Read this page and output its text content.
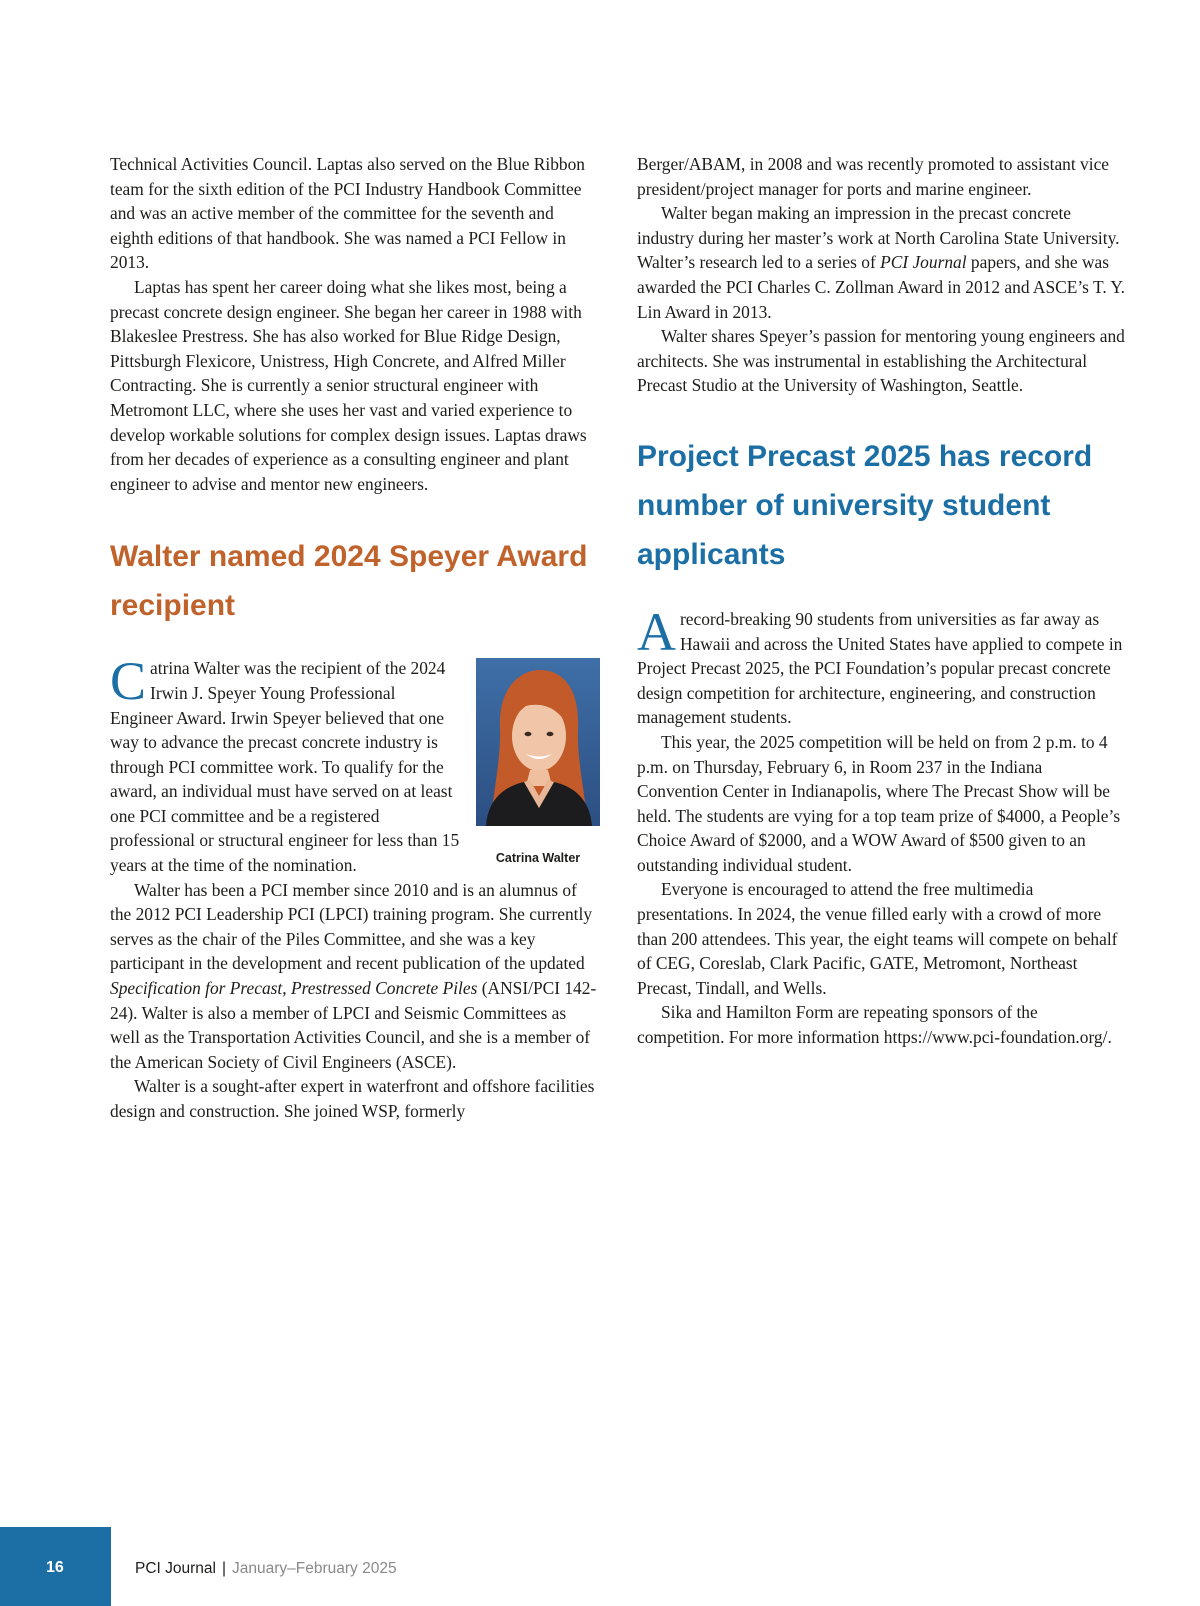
Technical Activities Council. Laptas also served on the Blue Ribbon team for the sixth edition of the PCI Industry Handbook Committee and was an active member of the committee for the seventh and eighth editions of that handbook. She was named a PCI Fellow in 2013.

Laptas has spent her career doing what she likes most, being a precast concrete design engineer. She began her career in 1988 with Blakeslee Prestress. She has also worked for Blue Ridge Design, Pittsburgh Flexicore, Unistress, High Concrete, and Alfred Miller Contracting. She is currently a senior structural engineer with Metromont LLC, where she uses her vast and varied experience to develop workable solutions for complex design issues. Laptas draws from her decades of experience as a consulting engineer and plant engineer to advise and mentor new engineers.

Walter named 2024 Speyer Award recipient
Catrina Walter

Catrina Walter was the recipient of the 2024 Irwin J. Speyer Young Professional Engineer Award. Irwin Speyer believed that one way to advance the precast concrete industry is through PCI committee work. To qualify for the award, an individual must have served on at least one PCI committee and be a registered professional or structural engineer for less than 15 years at the time of the nomination.

Walter has been a PCI member since 2010 and is an alumnus of the 2012 PCI Leadership PCI (LPCI) training program. She currently serves as the chair of the Piles Committee, and she was a key participant in the development and recent publication of the updated Specification for Precast, Prestressed Concrete Piles (ANSI/PCI 142-24). Walter is also a member of LPCI and Seismic Committees as well as the Transportation Activities Council, and she is a member of the American Society of Civil Engineers (ASCE).

Walter is a sought-after expert in waterfront and offshore facilities design and construction. She joined WSP, formerly

Berger/ABAM, in 2008 and was recently promoted to assistant vice president/project manager for ports and marine engineer.

Walter began making an impression in the precast concrete industry during her master’s work at North Carolina State University. Walter’s research led to a series of PCI Journal papers, and she was awarded the PCI Charles C. Zollman Award in 2012 and ASCE’s T. Y. Lin Award in 2013.

Walter shares Speyer’s passion for mentoring young engineers and architects. She was instrumental in establishing the Architectural Precast Studio at the University of Washington, Seattle.

Project Precast 2025 has record number of university student applicants

A record-breaking 90 students from universities as far away as Hawaii and across the United States have applied to compete in Project Precast 2025, the PCI Foundation’s popular precast concrete design competition for architecture, engineering, and construction management students.

This year, the 2025 competition will be held on from 2 p.m. to 4 p.m. on Thursday, February 6, in Room 237 in the Indiana Convention Center in Indianapolis, where The Precast Show will be held. The students are vying for a top team prize of $4000, a People’s Choice Award of $2000, and a WOW Award of $500 given to an outstanding individual student.

Everyone is encouraged to attend the free multimedia presentations. In 2024, the venue filled early with a crowd of more than 200 attendees. This year, the eight teams will compete on behalf of CEG, Coreslab, Clark Pacific, GATE, Metromont, Northeast Precast, Tindall, and Wells.

Sika and Hamilton Form are repeating sponsors of the competition. For more information https://www.pci-foundation.org/.

16	PCI Journal | January–February 2025
